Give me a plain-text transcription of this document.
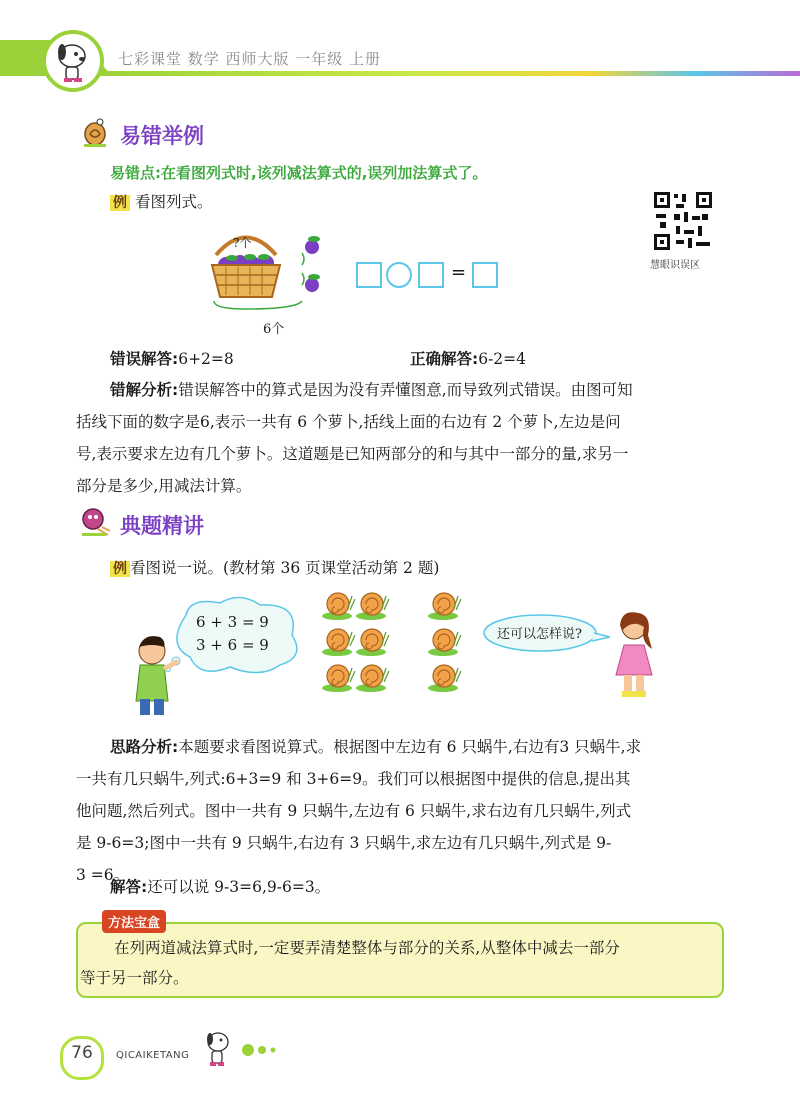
七彩课堂 数学 西师大版 一年级 上册
易错举例
易错点:在看图列式时,该列减法算式的,误列加法算式了。
例 看图列式。
慧眼识误区
?个
6个
=
错误解答:6+2=8	正确解答:6-2=4
错解分析:错误解答中的算式是因为没有弄懂图意,而导致列式错误。由图可知
括线下面的数字是6,表示一共有 6 个萝卜,括线上面的右边有 2 个萝卜,左边是问
号,表示要求左边有几个萝卜。这道题是已知两部分的和与其中一部分的量,求另一
部分是多少,用减法计算。
典题精讲
例 看图说一说。(教材第 36 页课堂活动第 2 题)
6 + 3 = 9
3 + 6 = 9
还可以怎样说?
思路分析:本题要求看图说算式。根据图中左边有 6 只蜗牛,右边有3 只蜗牛,求
一共有几只蜗牛,列式:6+3=9 和 3+6=9。我们可以根据图中提供的信息,提出其
他问题,然后列式。图中一共有 9 只蜗牛,左边有 6 只蜗牛,求右边有几只蜗牛,列式
是 9-6=3;图中一共有 9 只蜗牛,右边有 3 只蜗牛,求左边有几只蜗牛,列式是 9-
3 =6。
解答:还可以说 9-3=6,9-6=3。
方法宝盒
在列两道减法算式时,一定要弄清楚整体与部分的关系,从整体中减去一部分
等于另一部分。
76	QICAIKETANG
